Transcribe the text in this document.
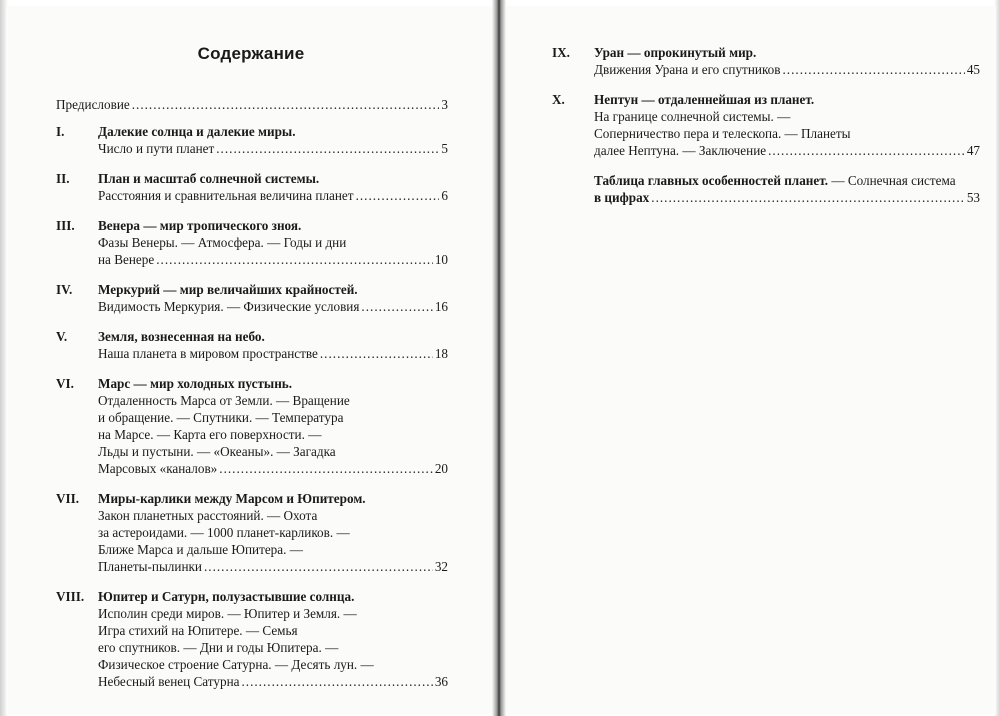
Содержание
Предисловие .....	3
I.	Далекие солнца и далекие миры.
Число и пути планет .....	5
II. План и масштаб солнечной системы.
Расстояния и сравнительная величина планет .....	6
III. Венера — мир тропического зноя.
Фазы Венеры. — Атмосфера. — Годы и дни
на Венере .....	10
IV. Меркурий — мир величайших крайностей.
Видимость Меркурия. — Физические условия .....	16
V. Земля, вознесенная на небо.
Наша планета в мировом пространстве .....	18
VI. Марс — мир холодных пустынь.
Отдаленность Марса от Земли. — Вращение
и обращение. — Спутники. — Температура
на Марсе. — Карта его поверхности. —
Льды и пустыни. — «Океаны». — Загадка
Марсовых «каналов» .....	20
VII. Миры-карлики между Марсом и Юпитером.
Закон планетных расстояний. — Охота
за астероидами. — 1000 планет-карликов. —
Ближе Марса и дальше Юпитера. —
Планеты-пылинки .....	32
VIII. Юпитер и Сатурн, полузастывшие солнца.
Исполин среди миров. — Юпитер и Земля. —
Игра стихий на Юпитере. — Семья
его спутников. — Дни и годы Юпитера. —
Физическое строение Сатурна. — Десять лун. —
Небесный венец Сатурна .....	36
IX. Уран — опрокинутый мир.
Движения Урана и его спутников .....	45
X. Нептун — отдаленнейшая из планет.
На границе солнечной системы. —
Соперничество пера и телескопа. — Планеты
далее Нептуна. — Заключение .....	47
Таблица главных особенностей планет. — Солнечная система
в цифрах .....	53
